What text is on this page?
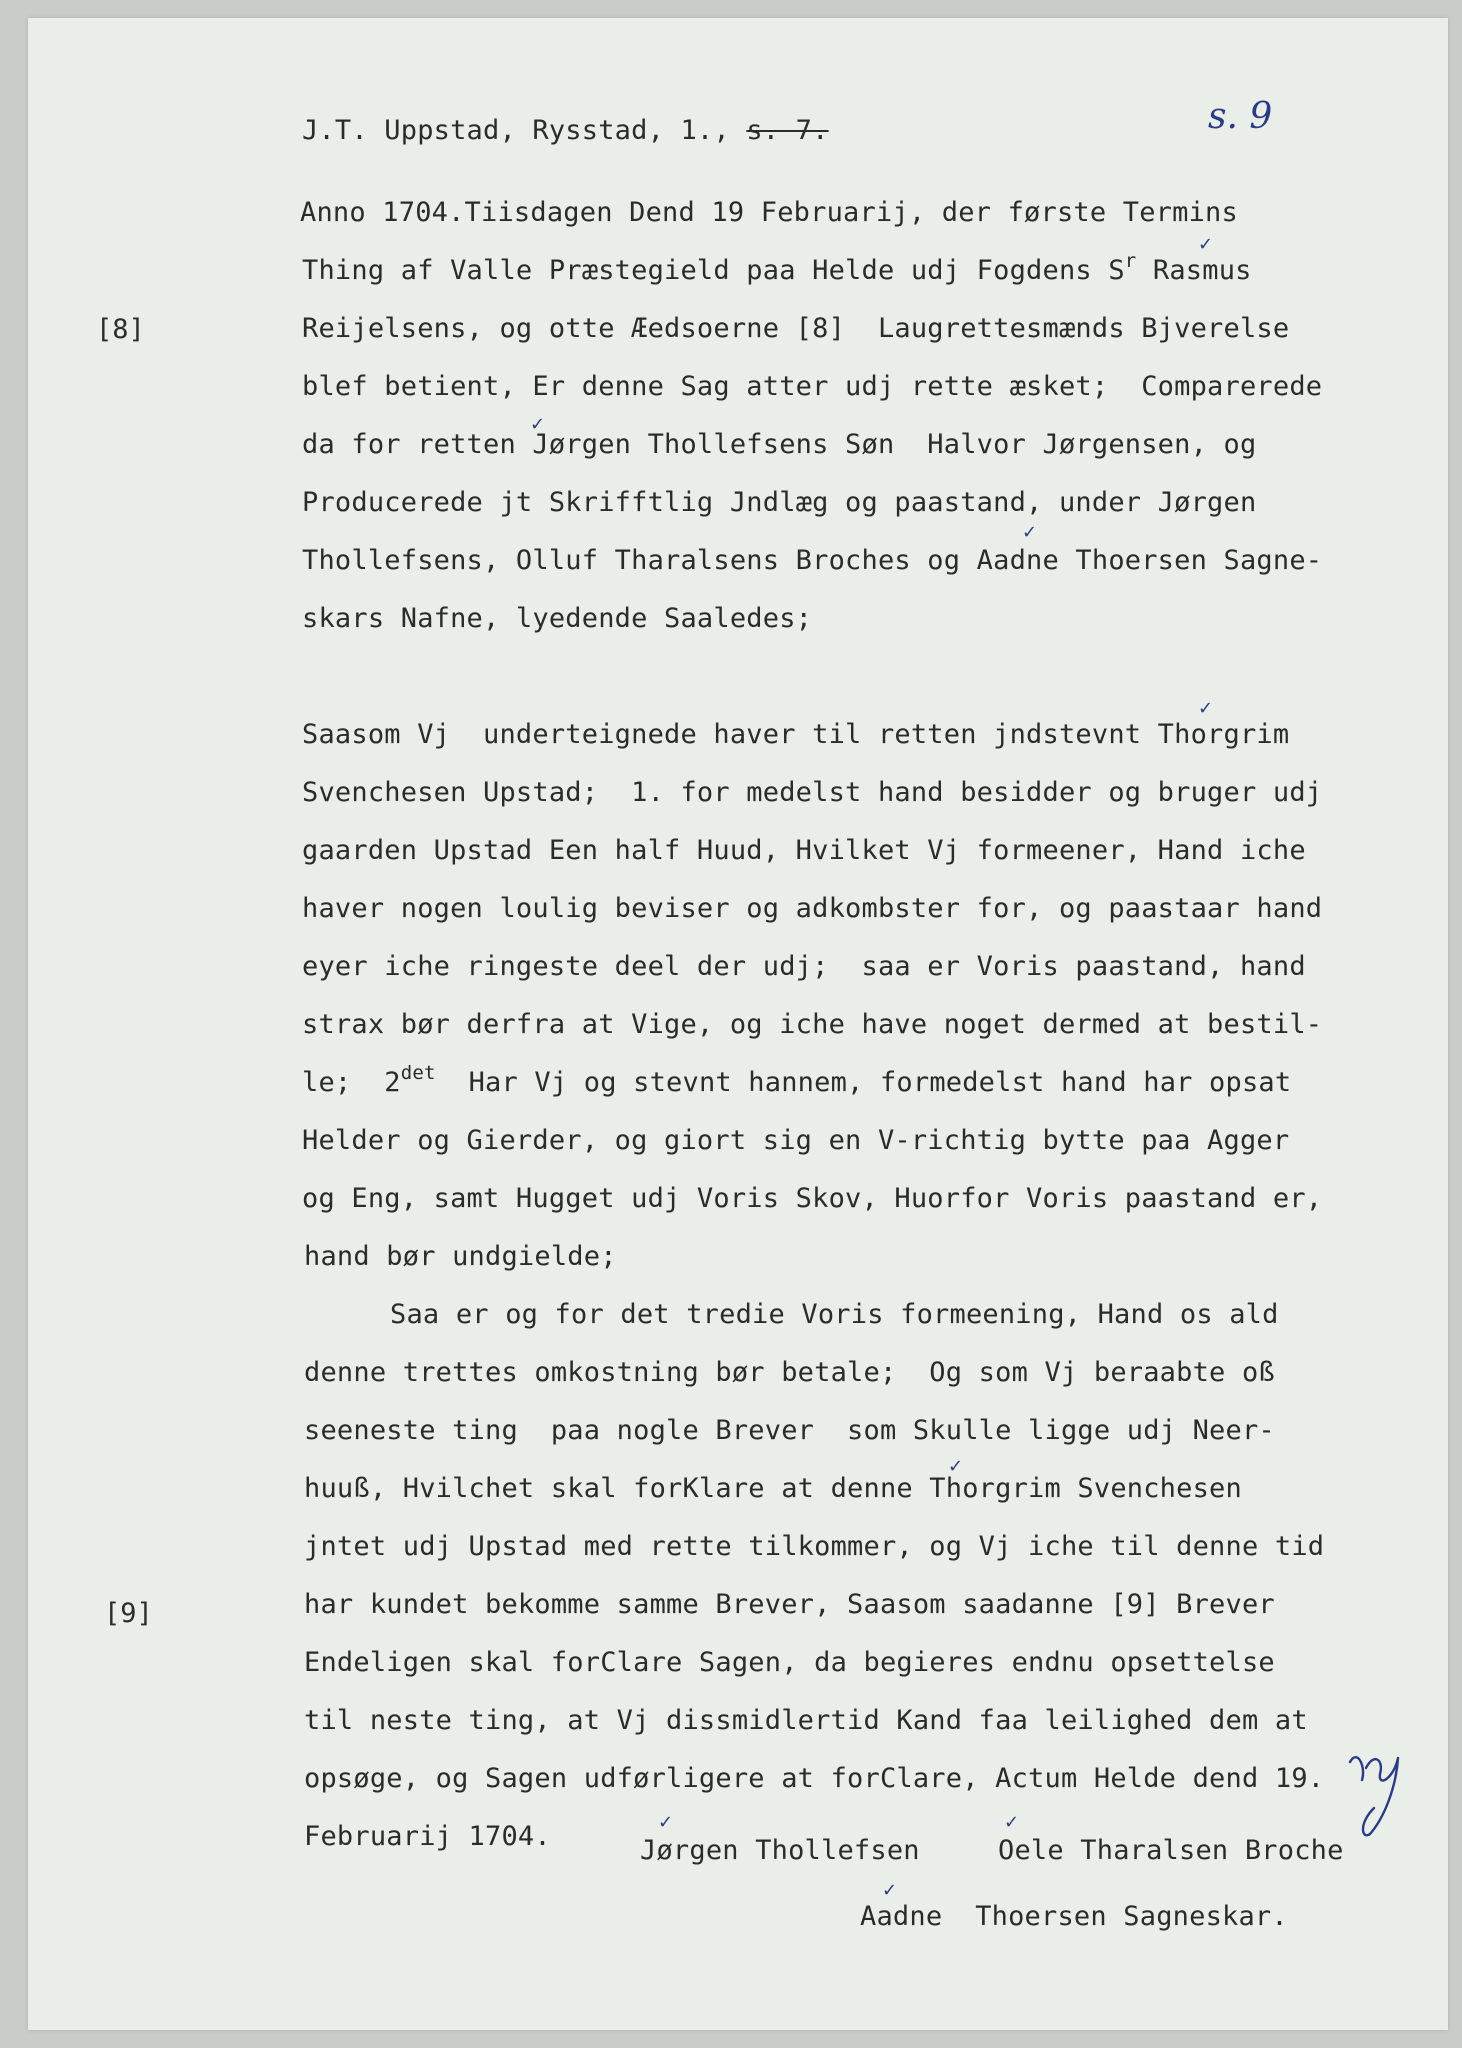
J.T. Uppstad, Rysstad, 1., s. 7.	s. 9
[8]
[9]
Anno 1704.Tiisdagen Dend 19 Februarij, der første Termins
Thing af Valle Præstegield paa Helde udj Fogdens $S^r$ Rasmus
Reijelsens, og otte Æedsoerne [8]  Laugrettesmænds Bjverelse
blef betient, Er denne Sag atter udj rette æsket;  Comparerede
da for retten Jørgen Thollefsens Søn  Halvor Jørgensen, og
Producerede jt Skrifftlig Jndlæg og paastand, under Jørgen
Thollefsens, Olluf Tharalsens Broches og Aadne Thoersen Sagne-
skars Nafne, lyedende Saaledes;
Saasom Vj  underteignede haver til retten jndstevnt Thorgrim
Svenchesen Upstad;  1. for medelst hand besidder og bruger udj
gaarden Upstad Een half Huud, Hvilket Vj formeener, Hand iche
haver nogen loulig beviser og adkombster for, og paastaar hand
eyer iche ringeste deel der udj;  saa er Voris paastand, hand
strax bør derfra at Vige, og iche have noget dermed at bestil-
le;  $2^{det}$  Har Vj og stevnt hannem, formedelst hand har opsat
Helder og Gierder, og giort sig en V-richtig bytte paa Agger
og Eng, samt Hugget udj Voris Skov, Huorfor Voris paastand er,
hand bør undgielde;
Saa er og for det tredie Voris formeening, Hand os ald
denne trettes omkostning bør betale;  Og som Vj beraabte oß
seeneste ting  paa nogle Brever  som Skulle ligge udj Neer-
huuß, Hvilchet skal forKlare at denne Thorgrim Svenchesen
jntet udj Upstad med rette tilkommer, og Vj iche til denne tid
har kundet bekomme samme Brever, Saasom saadanne [9] Brever
Endeligen skal forClare Sagen, da begieres endnu opsettelse
til neste ting, at Vj dissmidlertid Kand faa leilighed dem at
opsøge, og Sagen udførligere at forClare, Actum Helde dend 19.
Februarij 1704.	Jørgen Thollefsen	Oele Tharalsen Broche
Aadne  Thoersen Sagneskar.
✓
✓
✓
✓
✓
✓	✓
✓
